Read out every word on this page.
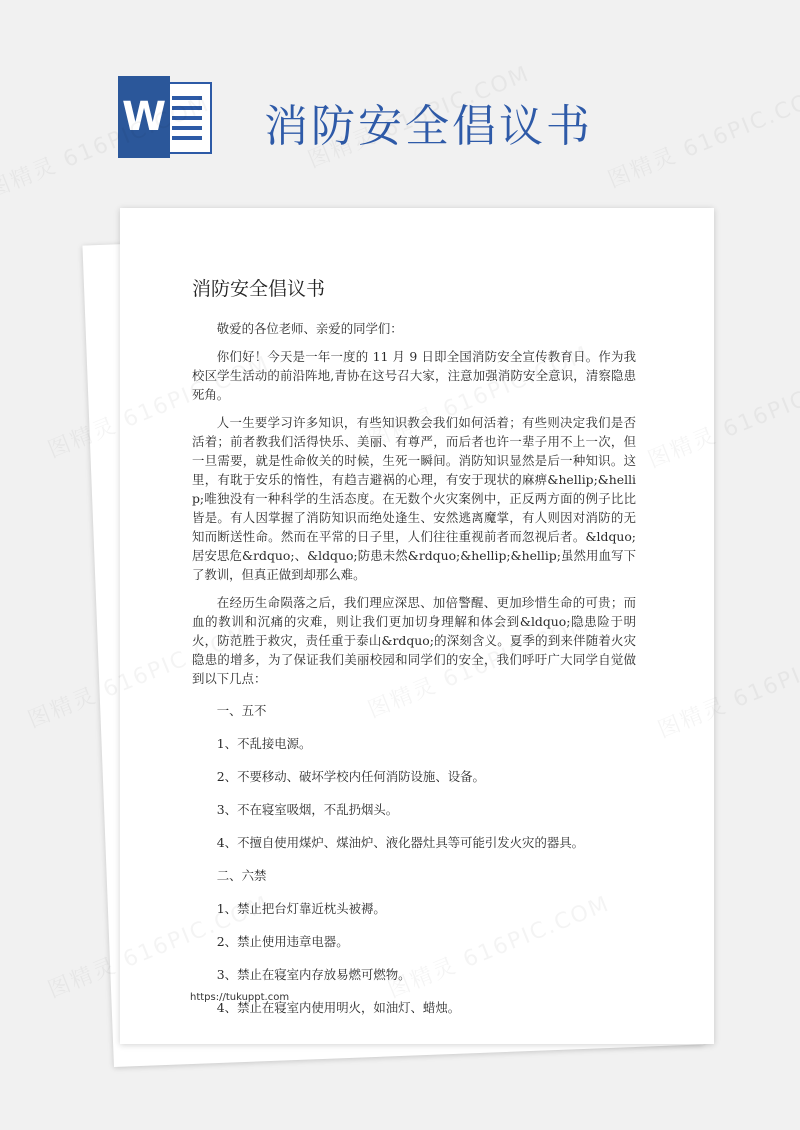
W 消防安全倡议书
消防安全倡议书

敬爱的各位老师、亲爱的同学们：

你们好！今天是一年一度的 11 月 9 日即全国消防安全宣传教育日。作为我校区学生活动的前沿阵地,青协在这号召大家，注意加强消防安全意识，清察隐患死角。

人一生要学习许多知识，有些知识教会我们如何活着；有些则决定我们是否活着；前者教我们活得快乐、美丽、有尊严，而后者也许一辈子用不上一次，但一旦需要，就是性命攸关的时候，生死一瞬间。消防知识显然是后一种知识。这里，有耽于安乐的惰性，有趋吉避祸的心理，有安于现状的麻痹&hellip;&hellip;唯独没有一种科学的生活态度。在无数个火灾案例中，正反两方面的例子比比皆是。有人因掌握了消防知识而绝处逢生、安然逃离魔掌，有人则因对消防的无知而断送性命。然而在平常的日子里，人们往往重视前者而忽视后者。&ldquo;居安思危&rdquo;、&ldquo;防患未然&rdquo;&hellip;&hellip;虽然用血写下了教训，但真正做到却那么难。

在经历生命陨落之后，我们理应深思、加倍警醒、更加珍惜生命的可贵；而血的教训和沉痛的灾难，则让我们更加切身理解和体会到&ldquo;隐患险于明火，防范胜于救灾，责任重于泰山&rdquo;的深刻含义。夏季的到来伴随着火灾隐患的增多，为了保证我们美丽校园和同学们的安全，我们呼吁广大同学自觉做到以下几点：

一、五不
1、不乱接电源。
2、不要移动、破坏学校内任何消防设施、设备。
3、不在寝室吸烟，不乱扔烟头。
4、不擅自使用煤炉、煤油炉、液化器灶具等可能引发火灾的器具。
二、六禁
1、禁止把台灯靠近枕头被褥。
2、禁止使用违章电器。
3、禁止在寝室内存放易燃可燃物。
4、禁止在寝室内使用明火，如油灯、蜡烛。
https://tukuppt.com
